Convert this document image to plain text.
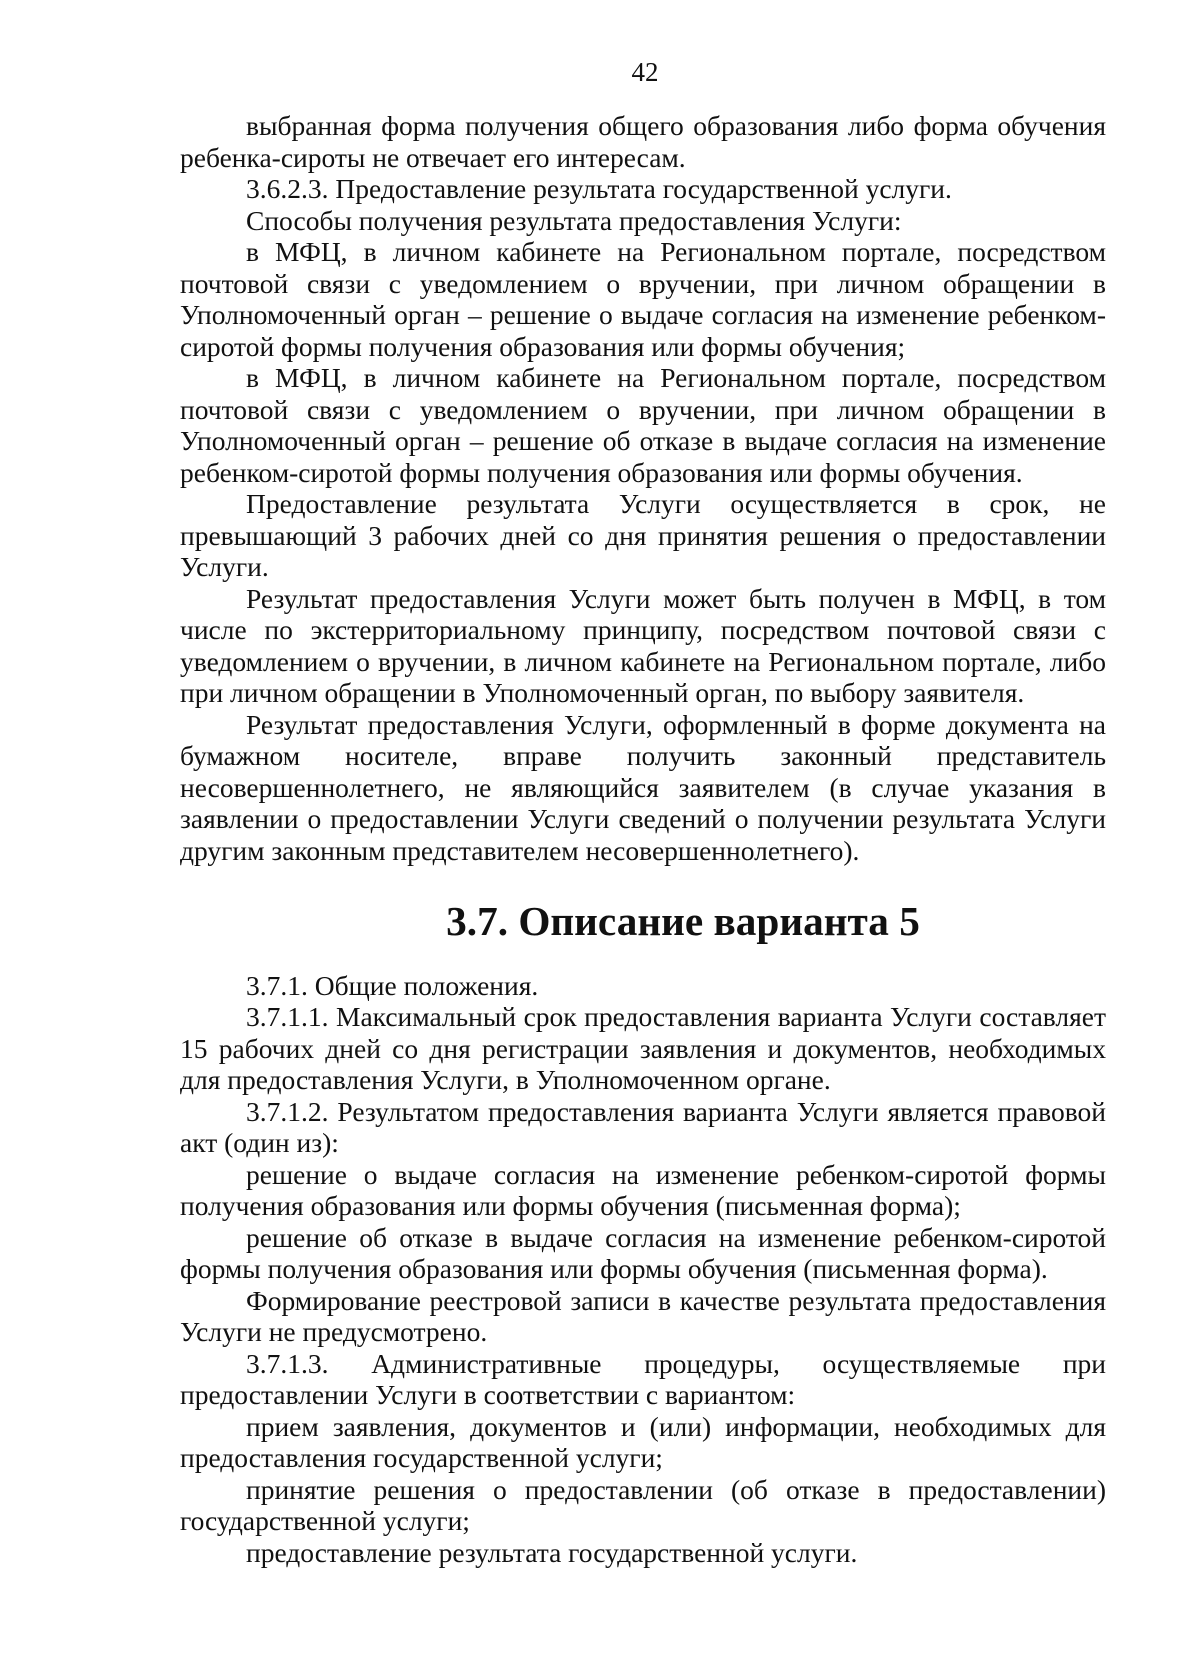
42

выбранная форма получения общего образования либо форма обучения ребенка-сироты не отвечает его интересам.

3.6.2.3. Предоставление результата государственной услуги.

Способы получения результата предоставления Услуги:

в МФЦ, в личном кабинете на Региональном портале, посредством почтовой связи с уведомлением о вручении, при личном обращении в Уполномоченный орган – решение о выдаче согласия на изменение ребенком-сиротой формы получения образования или формы обучения;

в МФЦ, в личном кабинете на Региональном портале, посредством почтовой связи с уведомлением о вручении, при личном обращении в Уполномоченный орган – решение об отказе в выдаче согласия на изменение ребенком-сиротой формы получения образования или формы обучения.

Предоставление результата Услуги осуществляется в срок, не превышающий 3 рабочих дней со дня принятия решения о предоставлении Услуги.

Результат предоставления Услуги может быть получен в МФЦ, в том числе по экстерриториальному принципу, посредством почтовой связи с уведомлением о вручении, в личном кабинете на Региональном портале, либо при личном обращении в Уполномоченный орган, по выбору заявителя.

Результат предоставления Услуги, оформленный в форме документа на бумажном носителе, вправе получить законный представитель несовершеннолетнего, не являющийся заявителем (в случае указания в заявлении о предоставлении Услуги сведений о получении результата Услуги другим законным представителем несовершеннолетнего).

3.7. Описание варианта 5

3.7.1. Общие положения.

3.7.1.1. Максимальный срок предоставления варианта Услуги составляет 15 рабочих дней со дня регистрации заявления и документов, необходимых для предоставления Услуги, в Уполномоченном органе.

3.7.1.2. Результатом предоставления варианта Услуги является правовой акт (один из):

решение о выдаче согласия на изменение ребенком-сиротой формы получения образования или формы обучения (письменная форма);

решение об отказе в выдаче согласия на изменение ребенком-сиротой формы получения образования или формы обучения (письменная форма).

Формирование реестровой записи в качестве результата предоставления Услуги не предусмотрено.

3.7.1.3. Административные процедуры, осуществляемые при
предоставлении Услуги в соответствии с вариантом:

прием заявления, документов и (или) информации, необходимых для предоставления государственной услуги;

принятие решения о предоставлении (об отказе в предоставлении) государственной услуги;

предоставление результата государственной услуги.
